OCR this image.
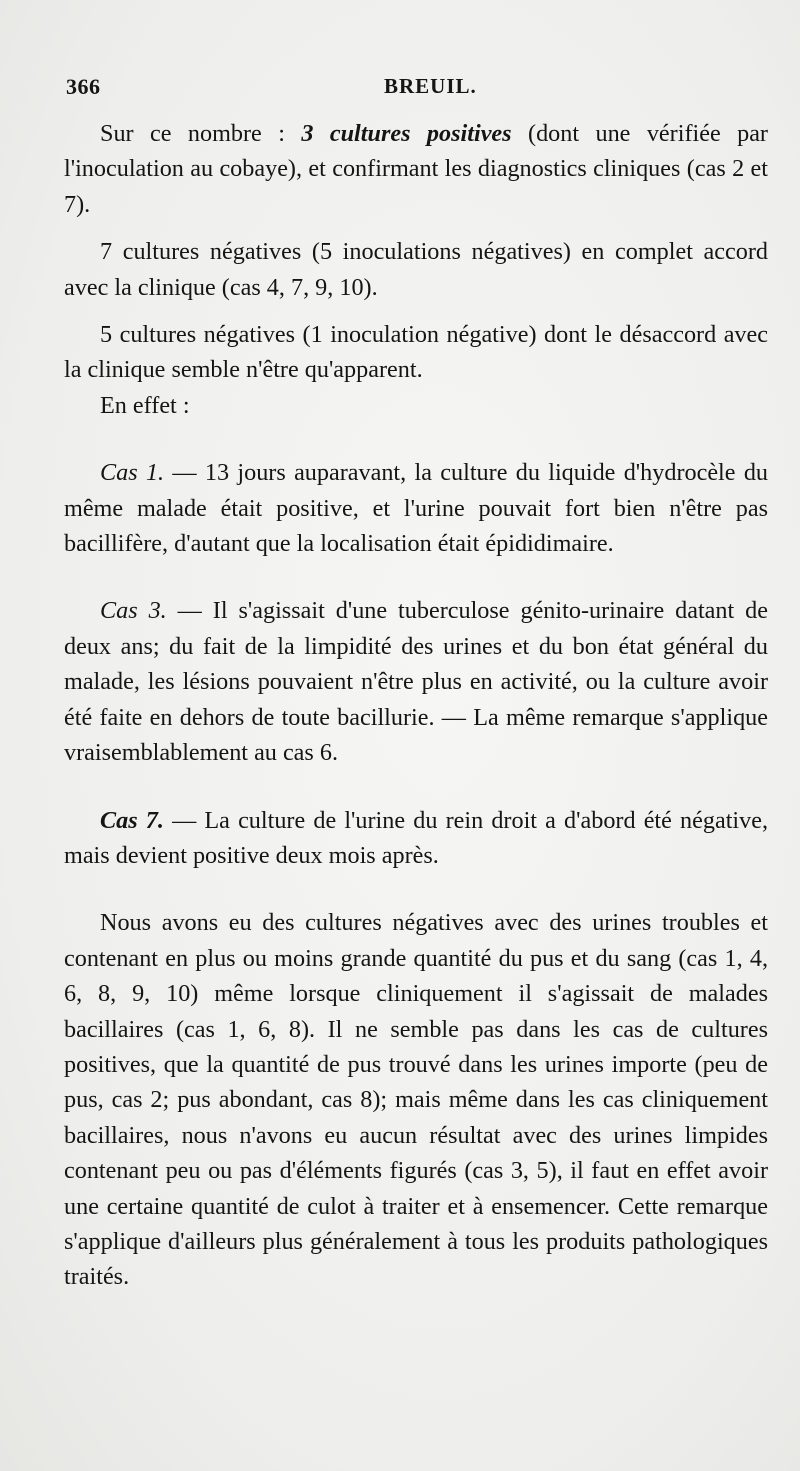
366	BREUIL.

Sur ce nombre : 3 cultures positives (dont une vérifiée par l'inoculation au cobaye), et confirmant les diagnostics cliniques (cas 2 et 7).

7 cultures négatives (5 inoculations négatives) en complet accord avec la clinique (cas 4, 7, 9, 10).

5 cultures négatives (1 inoculation négative) dont le désaccord avec la clinique semble n'être qu'apparent.

En effet :

Cas 1. — 13 jours auparavant, la culture du liquide d'hydrocèle du même malade était positive, et l'urine pouvait fort bien n'être pas bacillifère, d'autant que la localisation était épididimaire.

Cas 3. — Il s'agissait d'une tuberculose génito-urinaire datant de deux ans; du fait de la limpidité des urines et du bon état général du malade, les lésions pouvaient n'être plus en activité, ou la culture avoir été faite en dehors de toute bacillurie. — La même remarque s'applique vraisemblablement au cas 6.

Cas 7. — La culture de l'urine du rein droit a d'abord été négative, mais devient positive deux mois après.

Nous avons eu des cultures négatives avec des urines troubles et contenant en plus ou moins grande quantité du pus et du sang (cas 1, 4, 6, 8, 9, 10) même lorsque cliniquement il s'agissait de malades bacillaires (cas 1, 6, 8). Il ne semble pas dans les cas de cultures positives, que la quantité de pus trouvé dans les urines importe (peu de pus, cas 2; pus abondant, cas 8); mais même dans les cas cliniquement bacillaires, nous n'avons eu aucun résultat avec des urines limpides contenant peu ou pas d'éléments figurés (cas 3, 5), il faut en effet avoir une certaine quantité de culot à traiter et à ensemencer. Cette remarque s'applique d'ailleurs plus généralement à tous les produits pathologiques traités.
